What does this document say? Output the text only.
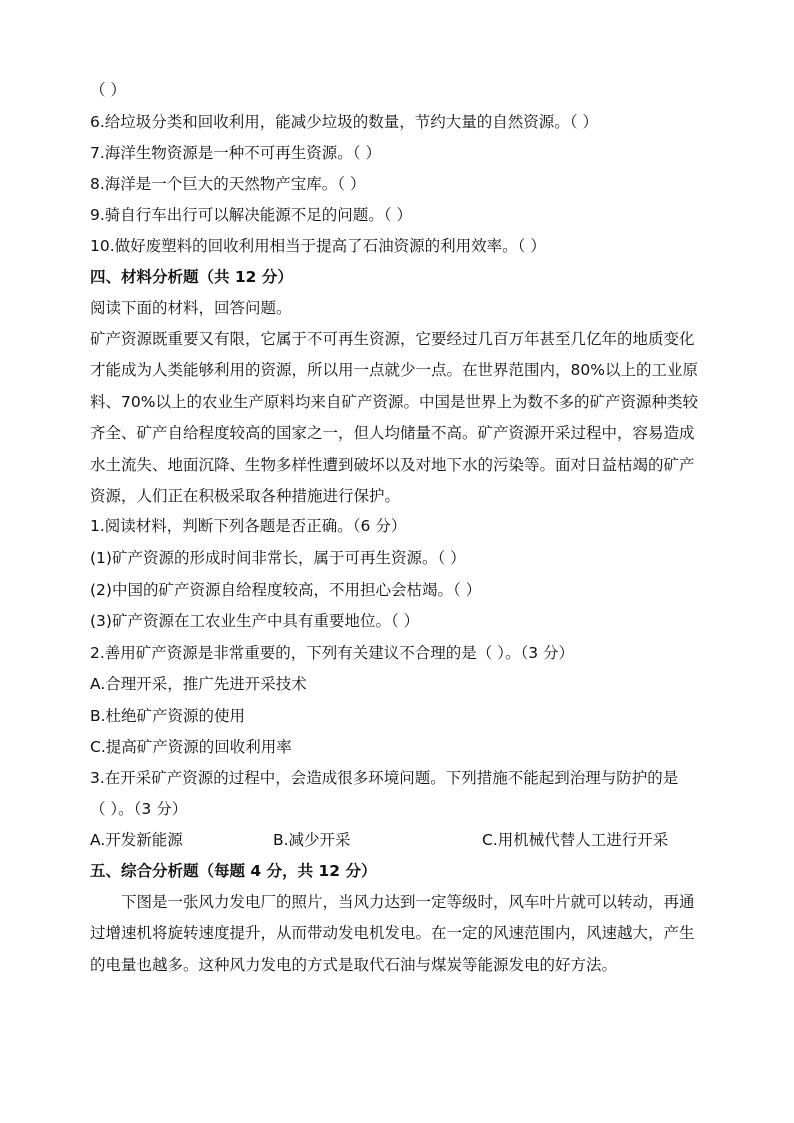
（ ）
6.给垃圾分类和回收利用，能减少垃圾的数量，节约大量的自然资源。（ ）
7.海洋生物资源是一种不可再生资源。（ ）
8.海洋是一个巨大的天然物产宝库。（ ）
9.骑自行车出行可以解决能源不足的问题。（ ）
10.做好废塑料的回收利用相当于提高了石油资源的利用效率。（ ）
四、材料分析题（共 12 分）
阅读下面的材料，回答问题。
矿产资源既重要又有限，它属于不可再生资源，它要经过几百万年甚至几亿年的地质变化才能成为人类能够利用的资源，所以用一点就少一点。在世界范围内，80%以上的工业原料、70%以上的农业生产原料均来自矿产资源。中国是世界上为数不多的矿产资源种类较齐全、矿产自给程度较高的国家之一，但人均储量不高。矿产资源开采过程中，容易造成水土流失、地面沉降、生物多样性遭到破坏以及对地下水的污染等。面对日益枯竭的矿产资源，人们正在积极采取各种措施进行保护。
1.阅读材料，判断下列各题是否正确。（6 分）
(1)矿产资源的形成时间非常长，属于可再生资源。（ ）
(2)中国的矿产资源自给程度较高，不用担心会枯竭。（ ）
(3)矿产资源在工农业生产中具有重要地位。（ ）
2.善用矿产资源是非常重要的，下列有关建议不合理的是（ ）。（3 分）
A.合理开采，推广先进开采技术
B.杜绝矿产资源的使用
C.提高矿产资源的回收利用率
3.在开采矿产资源的过程中，会造成很多环境问题。下列措施不能起到治理与防护的是
（ ）。（3 分）
A.开发新能源	B.减少开采	C.用机械代替人工进行开采
五、综合分析题（每题 4 分，共 12 分）
下图是一张风力发电厂的照片，当风力达到一定等级时，风车叶片就可以转动，再通过增速机将旋转速度提升，从而带动发电机发电。在一定的风速范围内，风速越大，产生的电量也越多。这种风力发电的方式是取代石油与煤炭等能源发电的好方法。
